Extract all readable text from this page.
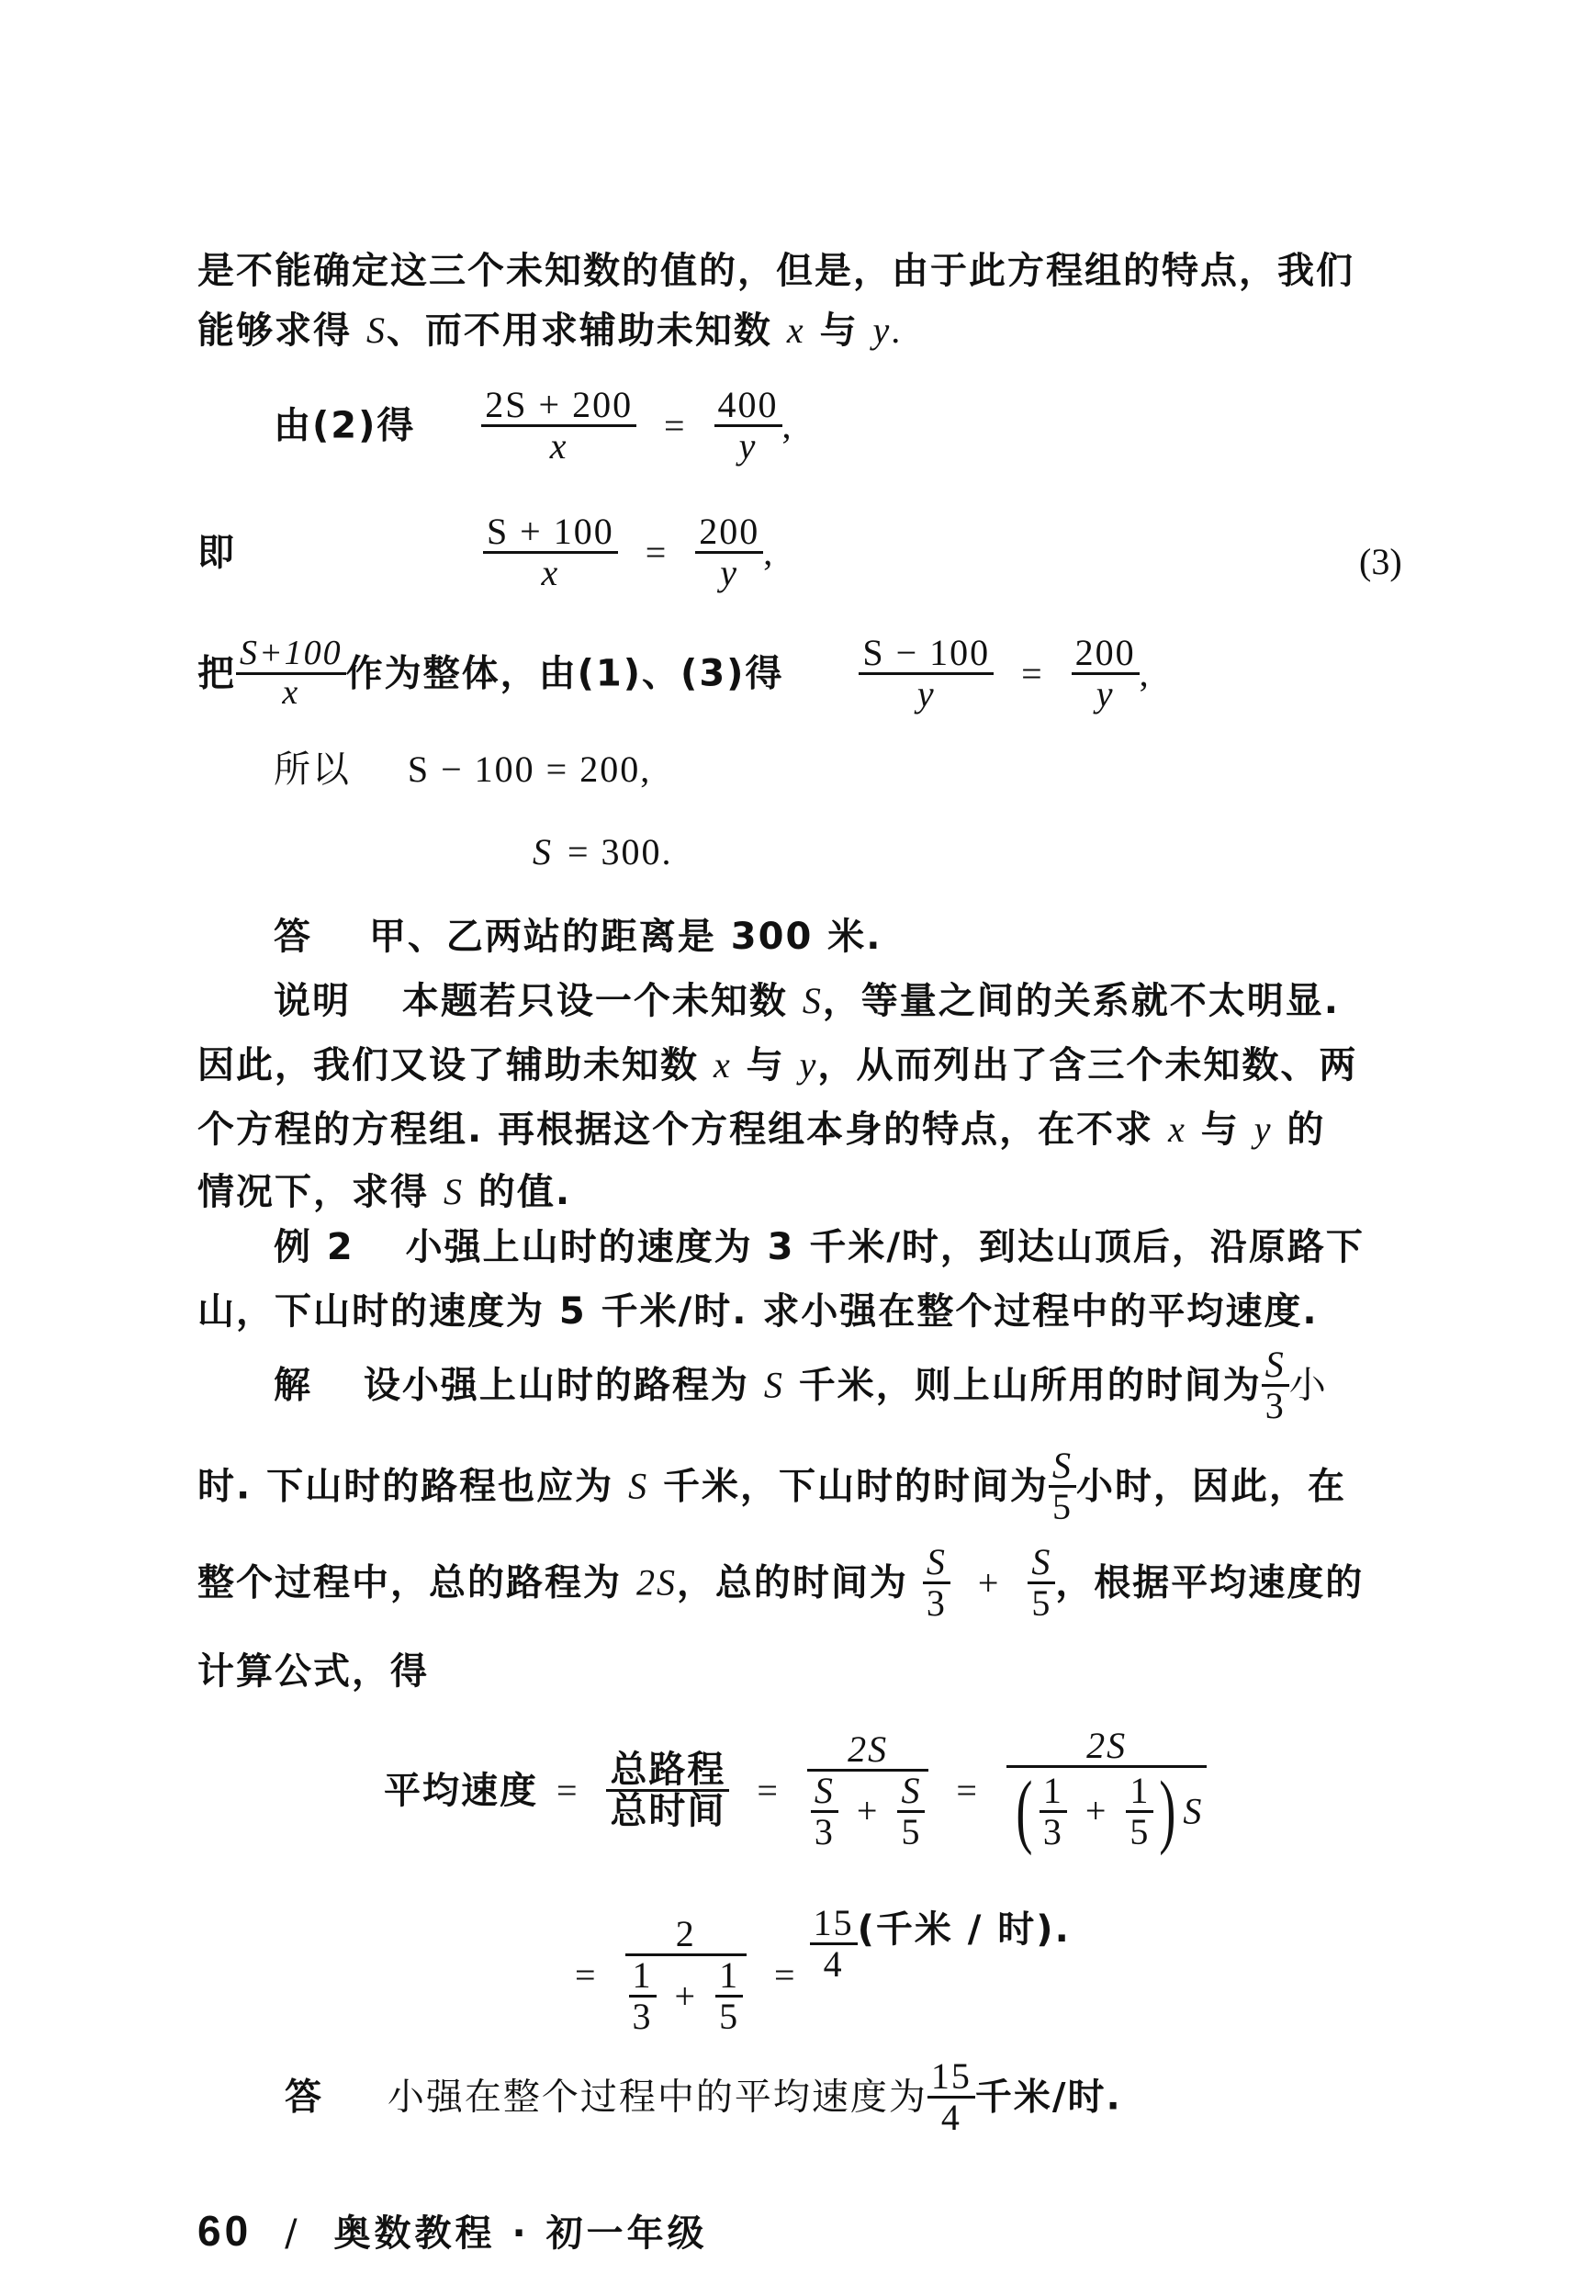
是不能确定这三个未知数的值的，但是，由于此方程组的特点，我们
能够求得 S、而不用求辅助未知数 x 与 y.
由(2)得 $\frac{2S + 200}{x} = \frac{400}{y}$ ,
即	$\frac{S + 100}{x} = \frac{200}{y}$ ,	(3)
把 $\frac{S+100}{x}$ 作为整体，由(1)、(3)得 $\frac{S - 100}{y} = \frac{200}{y}$ ,
所以 S − 100 = 200,
S = 300.
答 甲、乙两站的距离是 300 米.
说明 本题若只设一个未知数 S，等量之间的关系就不太明显.
因此，我们又设了辅助未知数 x 与 y，从而列出了含三个未知数、两
个方程的方程组. 再根据这个方程组本身的特点，在不求 x 与 y 的
情况下，求得 S 的值.
例 2 小强上山时的速度为 3 千米/时，到达山顶后，沿原路下
山，下山时的速度为 5 千米/时. 求小强在整个过程中的平均速度.
解 设小强上山时的路程为 S 千米，则上山所用的时间为 $\frac{S}{3}$ 小
时. 下山时的路程也应为 S 千米，下山时的时间为 $\frac{S}{5}$ 小时，因此，在
整个过程中，总的路程为 2S，总的时间为 $\frac{S}{3} + \frac{S}{5}$ ，根据平均速度的
计算公式，得
平均速度 = $\frac{\text{总路程}}{\text{总时间}}$ =
2S
$\frac{S}{3} + \frac{S}{5}$ =
2S
( $\frac{1}{3} + \frac{1}{5}$ ) S
=
2
$\frac{1}{3} + \frac{1}{5} = \frac{15}{4}$ (千米 / 时).
答 小强在整个过程中的平均速度为 $\frac{15}{4}$ 千米/时.
60 / 奥数教程 · 初一年级
